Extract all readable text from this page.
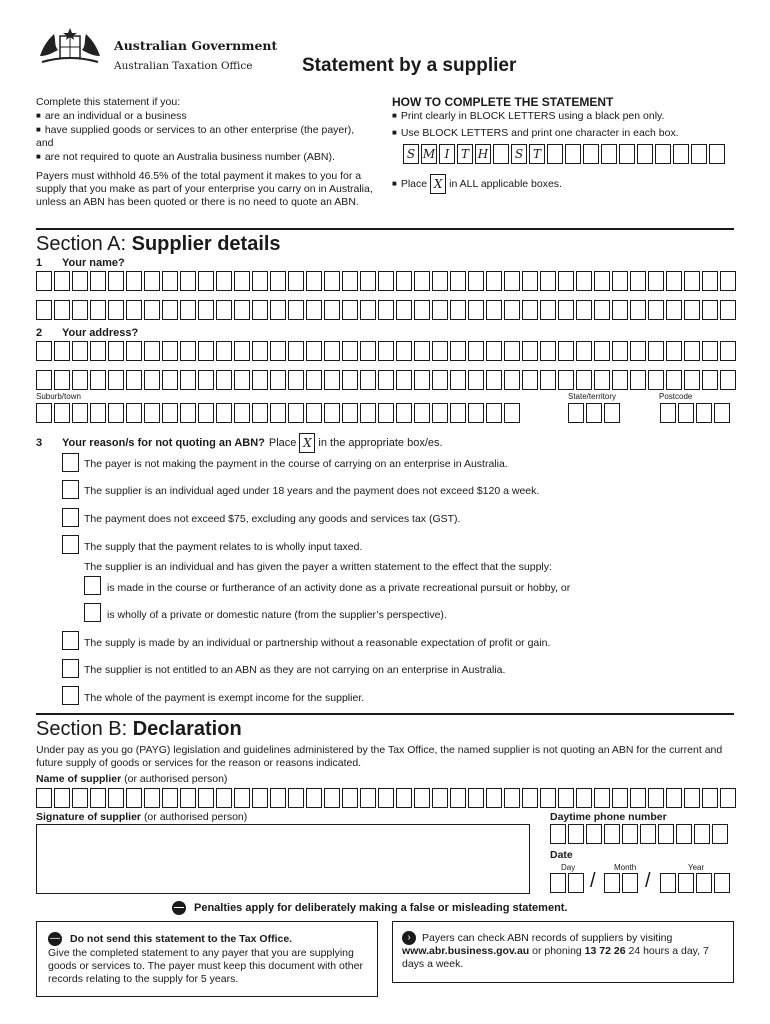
Australian Government
Australian Taxation Office	Statement by a supplier
Complete this statement if you:
■ are an individual or a business
■ have supplied goods or services to an other enterprise (the payer), and
■ are not required to quote an Australia business number (ABN).
Payers must withhold 46.5% of the total payment it makes to you for a supply that you make as part of your enterprise you carry on in Australia, unless an ABN has been quoted or there is no need to quote an ABN.
HOW TO COMPLETE THE STATEMENT
■ Print clearly in BLOCK LETTERS using a black pen only.
■ Use BLOCK LETTERS and print one character in each box.
S M I T H	S T
■ Place X in ALL applicable boxes.
Section A: Supplier details
1 Your name?
2 Your address?
Suburb/town	State/territory	Postcode
3	Your reason/s for not quoting an ABN? Place X in the appropriate box/es.
The payer is not making the payment in the course of carrying on an enterprise in Australia.
The supplier is an individual aged under 18 years and the payment does not exceed $120 a week.
The payment does not exceed $75, excluding any goods and services tax (GST).
The supply that the payment relates to is wholly input taxed.
The supplier is an individual and has given the payer a written statement to the effect that the supply:
is made in the course or furtherance of an activity done as a private recreational pursuit or hobby, or
is wholly of a private or domestic nature (from the supplier’s perspective).
The supply is made by an individual or partnership without a reasonable expectation of profit or gain.
The supplier is not entitled to an ABN as they are not carrying on an enterprise in Australia.
The whole of the payment is exempt income for the supplier.
Section B: Declaration
Under pay as you go (PAYG) legislation and guidelines administered by the Tax Office, the named supplier is not quoting an ABN for the current and future supply of goods or services for the reason or reasons indicated.
Name of supplier (or authorised person)
Signature of supplier (or authorised person)	Daytime phone number
Date
Day	Month	Year
/ /
— Penalties apply for deliberately making a false or misleading statement.
— Do not send this statement to the Tax Office.
Give the completed statement to any payer that you are supplying goods or services to. The payer must keep this document with other records relating to the supply for 5 years.
› Payers can check ABN records of suppliers by visiting www.abr.business.gov.au or phoning 13 72 26 24 hours a day, 7 days a week.
